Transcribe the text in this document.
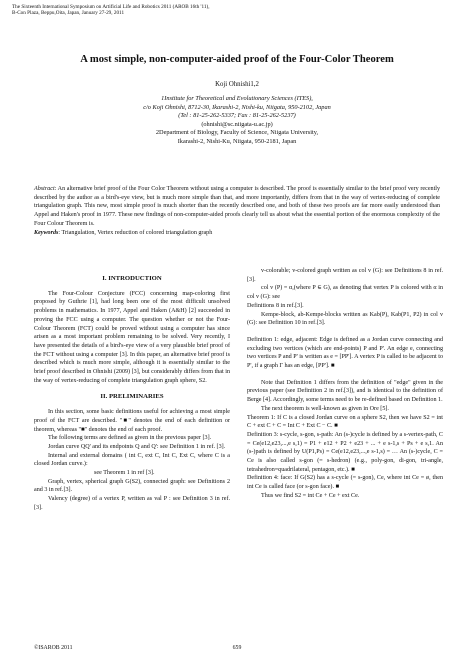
The Sixteenth International Symposium on Artificial Life and Robotics 2011 (AROB 16th '11),
B-Con Plaza, Beppu,Oita, Japan, January 27-29, 2011
A most simple, non-computer-aided proof of the Four-Color Theorem
Koji Ohnishi1,2
1Institute for Theoretical and Evolutionary Sciences (ITES),
c/o Koji Ohnishi, 8712-30, Ikarashi-2, Nishi-ku, Niigata, 950-2102, Japan
(Tel : 81-25-262-5337; Fax : 81-25-262-5237)
(ohnishi@sc.niigata-u.ac.jp)
2Department of Biology, Faculty of Science, Niigata University,
Ikarashi-2, Nishi-Ku, Niigata, 950-2181, Japan
Abstract: An alternative brief proof of the Four Color Theorem without using a computer is described. The proof is essentially similar to the brief proof very recently described by the author as a bird's-eye view, but is much more simple than that, and more importantly, differs from that in the way of vertex-reducing of complete triangulation graph. This new, most simple proof is much shorter than the recently described one, and both of these two proofs are far more easily understood than Appel and Haken's proof in 1977. These new findings of non-computer-aided proofs clearly tell us about what the essential portion of the enormous complexity of the Four Colour Theorem is.
Keywords: Triangulation, Vertex reduction of colored triangulation graph
I. INTRODUCTION

The Four-Colour Conjecture (FCC) concerning map-coloring first proposed by Guthrie [1], had long been one of the most difficult unsolved problems in mathematics. In 1977, Appel and Haken (A&H) [2] succeeded in proving the FCC using a computer. The question whether or not the Four-Colour Theorem (FCT) could be proved without using a computer has since arisen as a most important problem remaining to be solved. Very recently, I have presented the details of a bird's-eye view of a very plausible brief proof of the FCT without using a computer [3]. In this paper, an alternative brief proof is described which is much more simple, although it is essentially similar to the brief proof described in Ohnishi (2009) [3], but considerably differs from that in the way of vertex-reducing of complete triangulation graph sphere, S2.

II. PRELIMINARIES

In this section, some basic definitions useful for achieving a most simple proof of the FCT are described. "■" denotes the end of each definition or theorem, whereas "■" denotes the end of each proof.

The following terms are defined as given in the previous paper [3].

Jordan curve QQ' and its endpoints Q and Q': see Definition 1 in ref. [3].

Internal and external domains ( int C, ext C, Int C, Ext C, where C is a closed Jordan curve.):

see Theorem 1 in ref [3].

Graph, vertex, spherical graph G(S2), connected graph: see Definitions 2 and 3 in ref.[3].

Valency (degree) of a vertex P, written as val P : see Definition 3 in ref.[3].

v-colorable; v-colored graph written as col v (G): see Definitions 8 in ref.[3].

col v (P) = α,(where P ∈ G), as denoting that vertex P is colored with α in col v (G): see

Definitions 8 in ref.[3].

Kempe-block, ab-Kempe-blocks written as Kab(P), Kab(P1, P2) in col v (G): see Definition 10 in ref.[3].

Definition 1: edge, adjacent: Edge is defined as a Jordan curve connecting and excluding two vertices (which are end-points) P and P'. An edge e, connecting two vertices P and P' is written as e = [PP']. A vertex P is called to be adjacent to P', if a graph Γ has an edge, [PP']. ■

Note that Definition 1 differs from the definition of "edge" given in the previous paper (see Definition 2 in ref.[3]), and is identical to the definition of Berge [4]. Accordingly, some terms need to be re-defined based on Definition 1.

The next theorem is well-known as given in Ore [5].

Theorem 1: If C is a closed Jordan curve on a sphere S2, then we have S2 = int C + ext C + C = Int C + Ext C − C. ■

Definition 3: s-cycle, s-gon, s-path: An (s-)cycle is defined by a s-vertex-path, C = Ce(e12,e23,...,e s,1) = P1 + e12 + P2 + e23 + ... + e s-1,s + Ps + e s,1. An (s-)path is defined by U(P1,Ps) = Ce(e12,e23,...,e s-1,s) = … An (s-)cycle, C = Ce is also called s-gon (= s-hedron) (e.g., poly-gon, di-gon, tri-angle, tetrahedron=quadrilateral, pentagon, etc.). ■

Definition 4: face: If G(S2) has a s-cycle (= s-gon), Ce, where int Ce = ø, then int Ce is called face (or s-gon face). ■

Thus we find S2 = int Ce + Ce + ext Ce.

©ISAROB 2011	659
